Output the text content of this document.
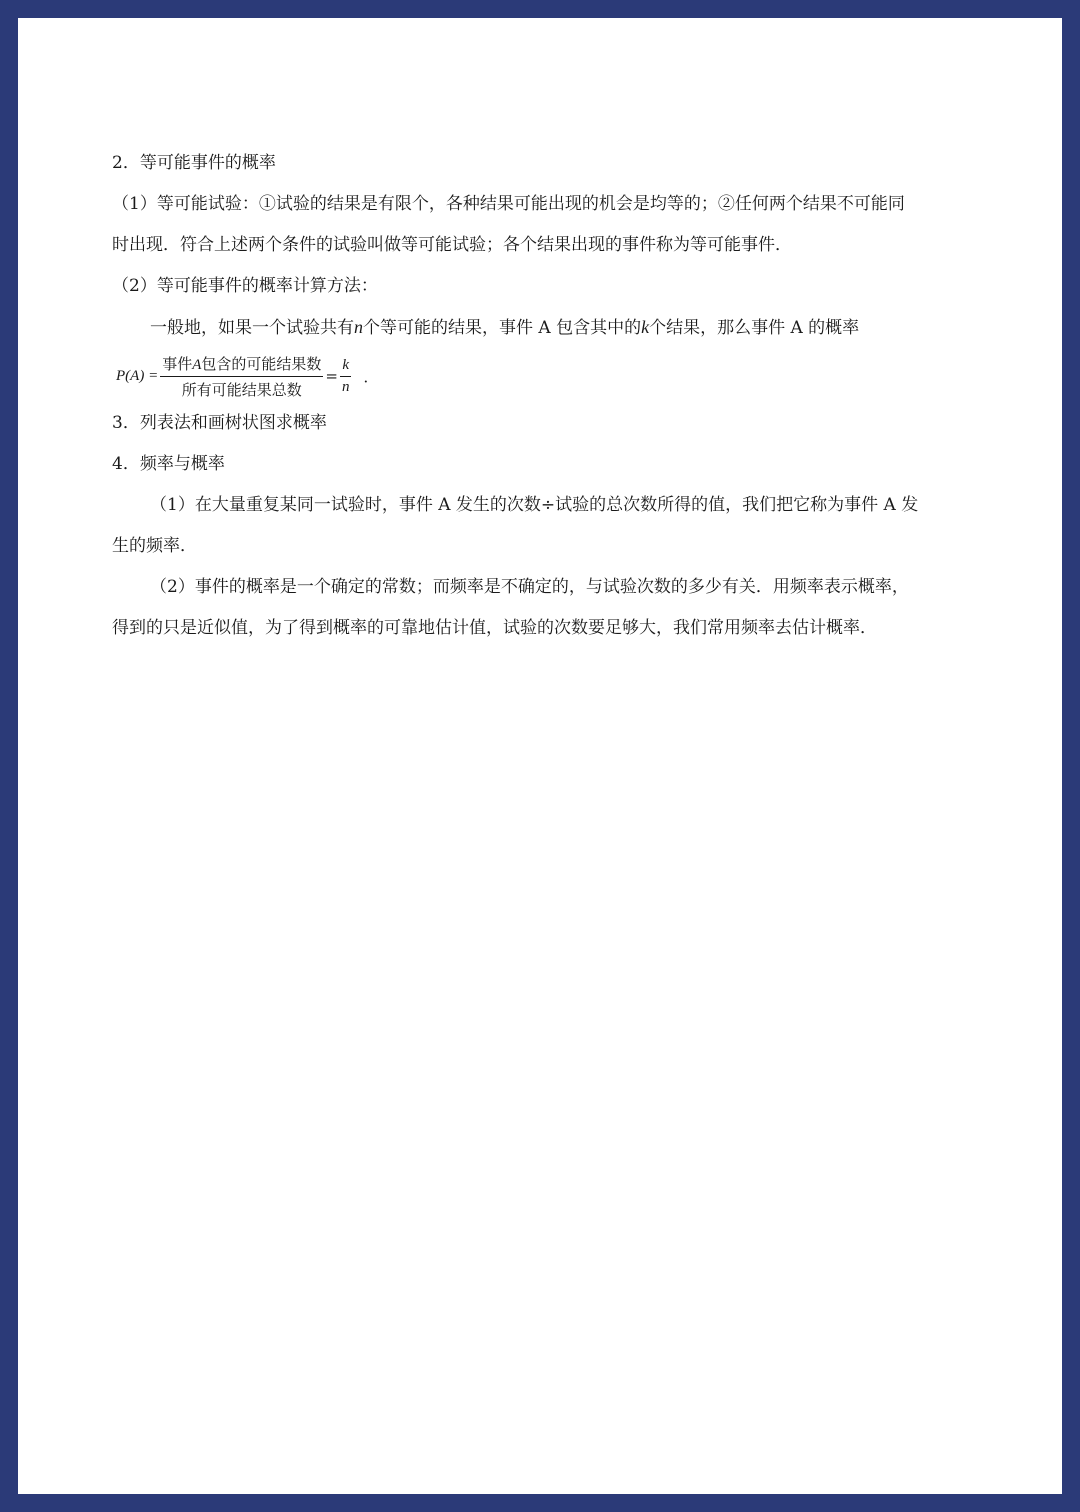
2．等可能事件的概率
（1）等可能试验：①试验的结果是有限个，各种结果可能出现的机会是均等的；②任何两个结果不可能同
时出现．符合上述两个条件的试验叫做等可能试验；各个结果出现的事件称为等可能事件．
（2）等可能事件的概率计算方法：
一般地，如果一个试验共有n个等可能的结果，事件 A 包含其中的k个结果，那么事件 A 的概率
$P(A) = \frac{\text{事件A包含的可能结果数}}{\text{所有可能结果总数}} = \frac{k}{n}$ ．
3．列表法和画树状图求概率
4．频率与概率
（1）在大量重复某同一试验时，事件 A 发生的次数÷试验的总次数所得的值，我们把它称为事件 A 发
生的频率．
（2）事件的概率是一个确定的常数；而频率是不确定的，与试验次数的多少有关．用频率表示概率，
得到的只是近似值，为了得到概率的可靠地估计值，试验的次数要足够大，我们常用频率去估计概率．
